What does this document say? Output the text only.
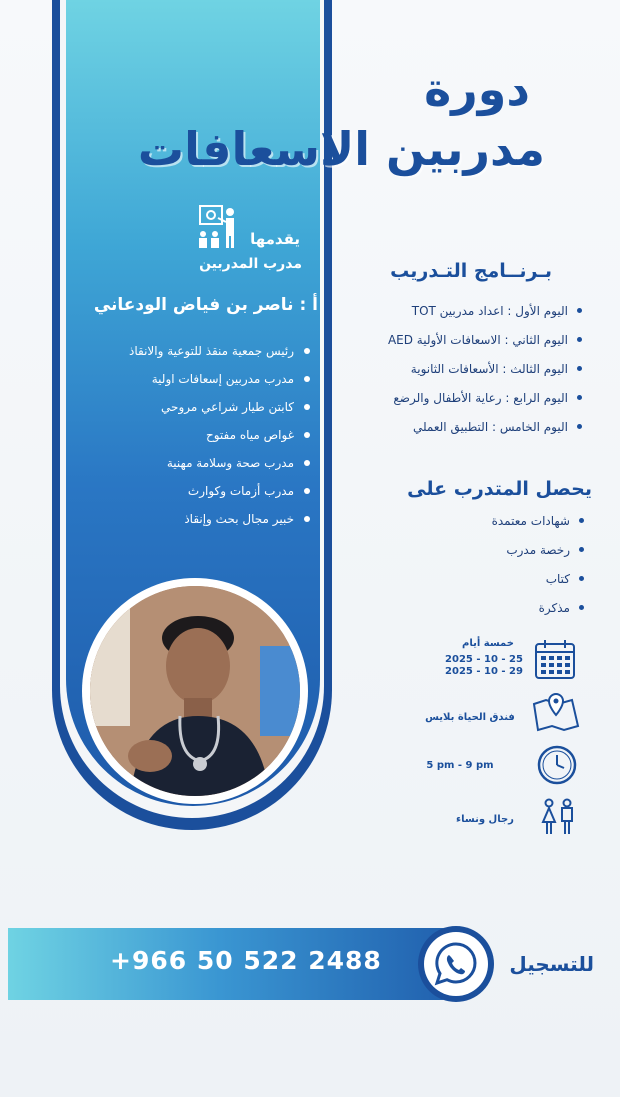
دورة
مدربين الاسعافات
يقدمها
مدرب المدربين
أ : ناصر بن فياض الودعاني
رئيس جمعية منقذ للتوعية والانقاذ
مدرب مدربين إسعافات اولية
كابتن طيار شراعي مروحي
غواص مياه مفتوح
مدرب صحة وسلامة مهنية
مدرب أزمات وكوارث
خبير مجال بحث وإنقاذ
بـرنــامج التـدريب
اليوم الأول : اعداد مدربين TOT
اليوم الثاني : الاسعافات الأولية AED
اليوم الثالث : الأسعافات الثانوية
اليوم الرابع : رعاية الأطفال والرضع
اليوم الخامس : التطبيق العملي
يحصل المتدرب على
شهادات معتمدة
رخصة مدرب
كتاب
مذكرة
خمسة أيام
2025 - 10 - 25
2025 - 10 - 29
فندق الحياة بلايس
5 pm - 9 pm
رجال ونساء
+966 50 522 2488	للتسجيل
